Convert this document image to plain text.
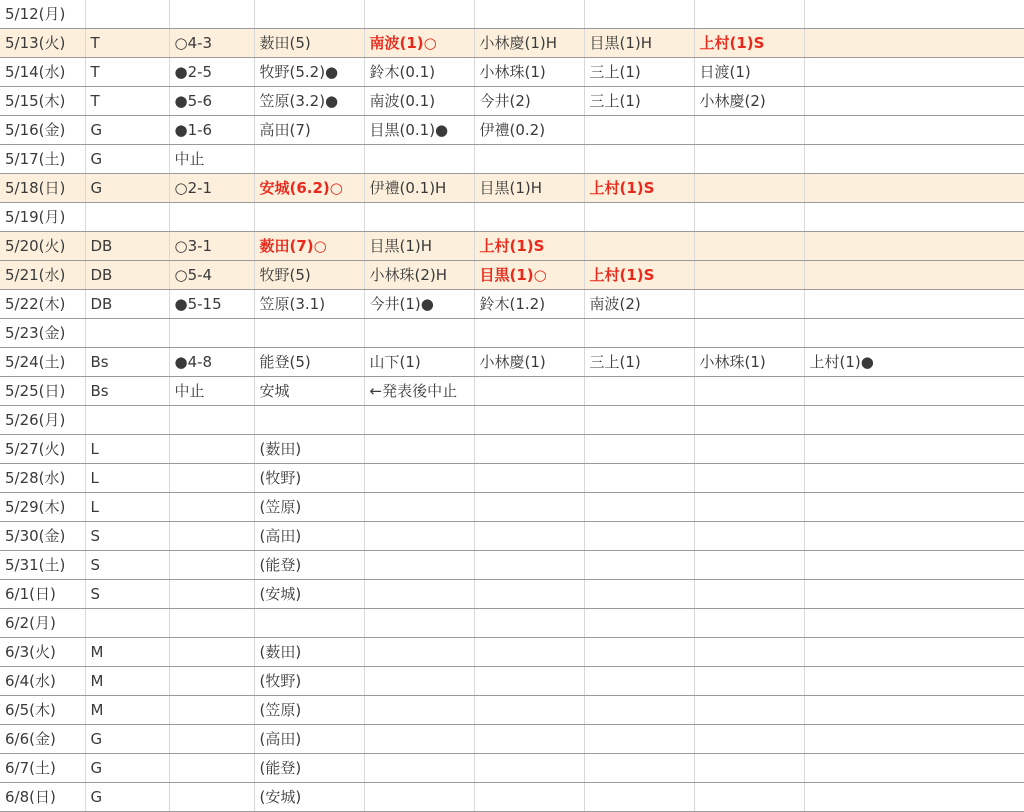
5/12(月)								
5/13(火)	T	○4-3	薮田(5)	南波(1)○	小林慶(1)H	目黒(1)H	上村(1)S	
5/14(水)	T	●2-5	牧野(5.2)●	鈴木(0.1)	小林珠(1)	三上(1)	日渡(1)	
5/15(木)	T	●5-6	笠原(3.2)●	南波(0.1)	今井(2)	三上(1)	小林慶(2)	
5/16(金)	G	●1-6	高田(7)	目黒(0.1)●	伊禮(0.2)			
5/17(土)	G	中止						
5/18(日)	G	○2-1	安城(6.2)○	伊禮(0.1)H	目黒(1)H	上村(1)S		
5/19(月)								
5/20(火)	DB	○3-1	薮田(7)○	目黒(1)H	上村(1)S			
5/21(水)	DB	○5-4	牧野(5)	小林珠(2)H	目黒(1)○	上村(1)S		
5/22(木)	DB	●5-15	笠原(3.1)	今井(1)●	鈴木(1.2)	南波(2)		
5/23(金)								
5/24(土)	Bs	●4-8	能登(5)	山下(1)	小林慶(1)	三上(1)	小林珠(1)	上村(1)●
5/25(日)	Bs	中止	安城	←発表後中止				
5/26(月)								
5/27(火)	L		(薮田)					
5/28(水)	L		(牧野)					
5/29(木)	L		(笠原)					
5/30(金)	S		(高田)					
5/31(土)	S		(能登)					
6/1(日)	S		(安城)					
6/2(月)								
6/3(火)	M		(薮田)					
6/4(水)	M		(牧野)					
6/5(木)	M		(笠原)					
6/6(金)	G		(高田)					
6/7(土)	G		(能登)					
6/8(日)	G		(安城)					
